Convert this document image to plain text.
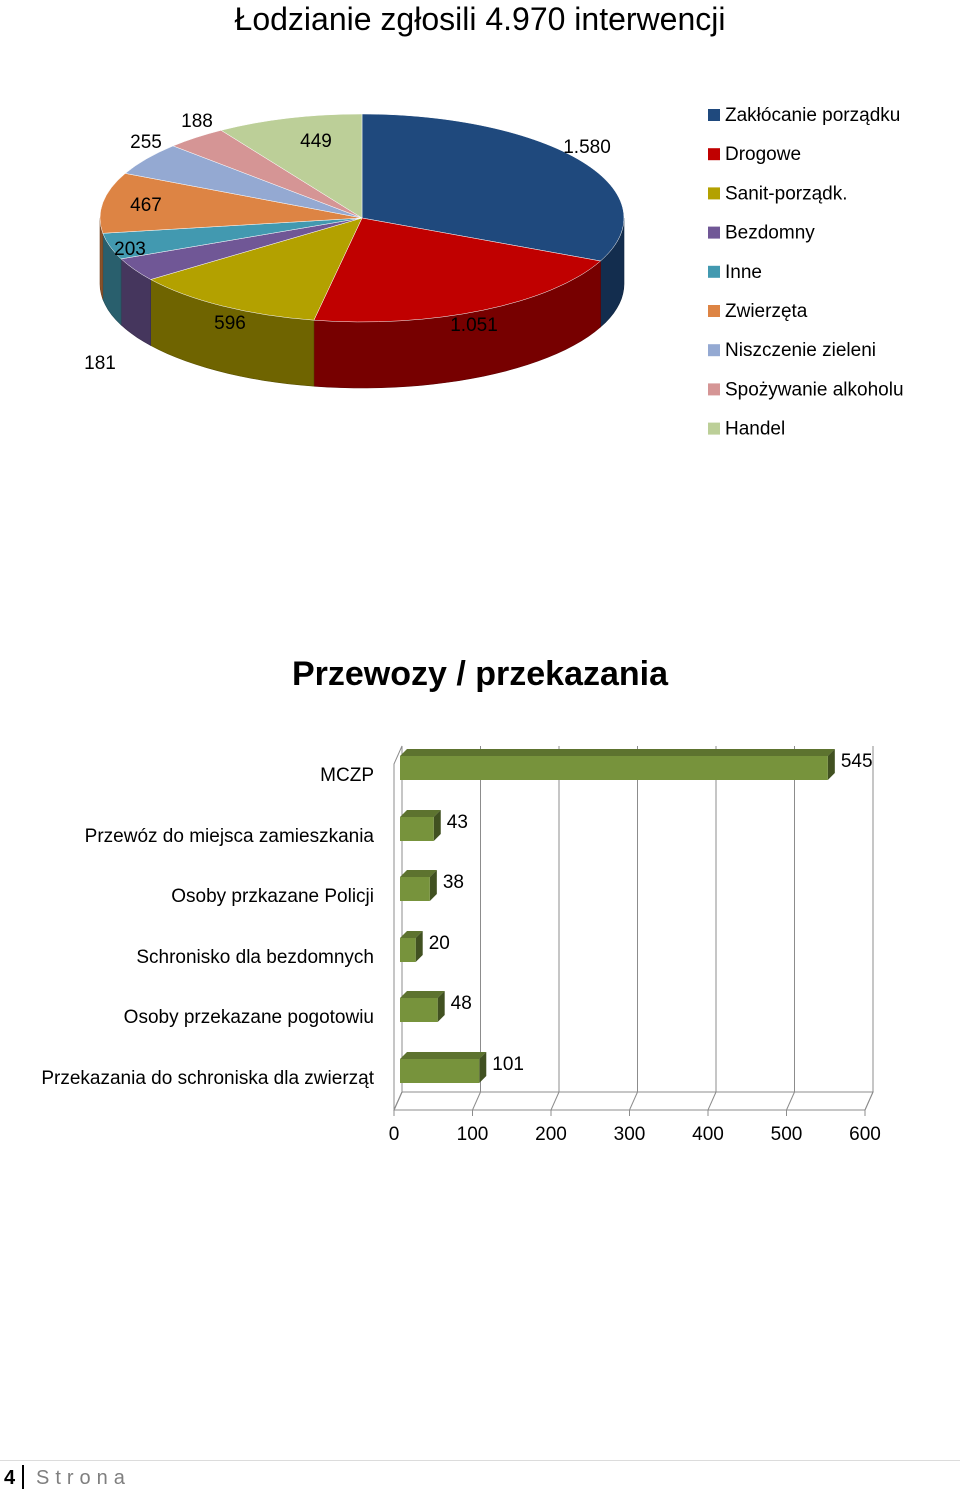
Łodzianie zgłosili 4.970 interwencji
Przewozy / przekazania
1.580
1.051
596
181
203
467
255
188
449
Zakłócanie porządku
Drogowe
Sanit-porządk.
Bezdomny
Inne
Zwierzęta
Niszczenie zieleni
Spożywanie alkoholu
Handel
0	100 200 300 400 500 600
545
MCZP
43
Przewóz do miejsca zamieszkania
38
Osoby przkazane Policji
20
Schronisko dla bezdomnych
48
Osoby przekazane pogotowiu
101
Przekazania do schroniska dla zwierząt
4 Strona
